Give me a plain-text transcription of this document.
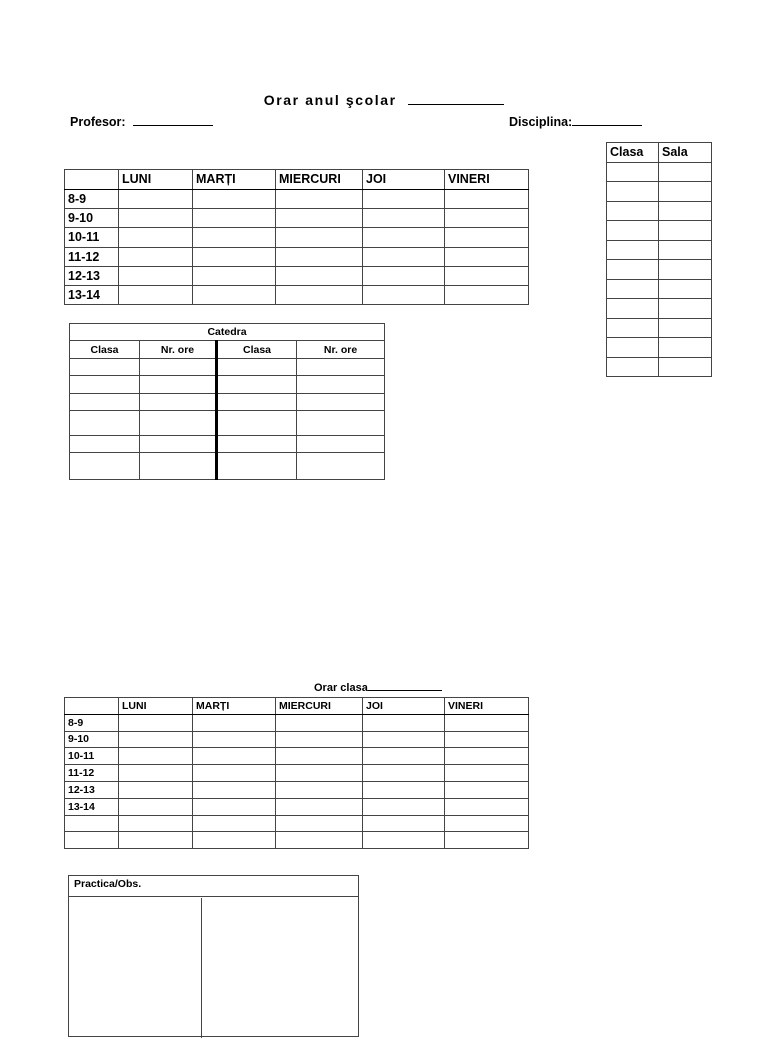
Orar anul şcolar
Profesor:	Disciplina:
	LUNI	MARȚI	MIERCURI	JOI	VINERI
8-9					
9-10					
10-11					
11-12					
12-13					
13-14					
Clasa	Sala

Catedra			
Clasa	Nr. ore	Clasa	Nr. ore

Orar clasa
	LUNI	MARȚI	MIERCURI	JOI	VINERI
8-9					
9-10					
10-11					
11-12					
12-13					
13-14					

Practica/Obs.
